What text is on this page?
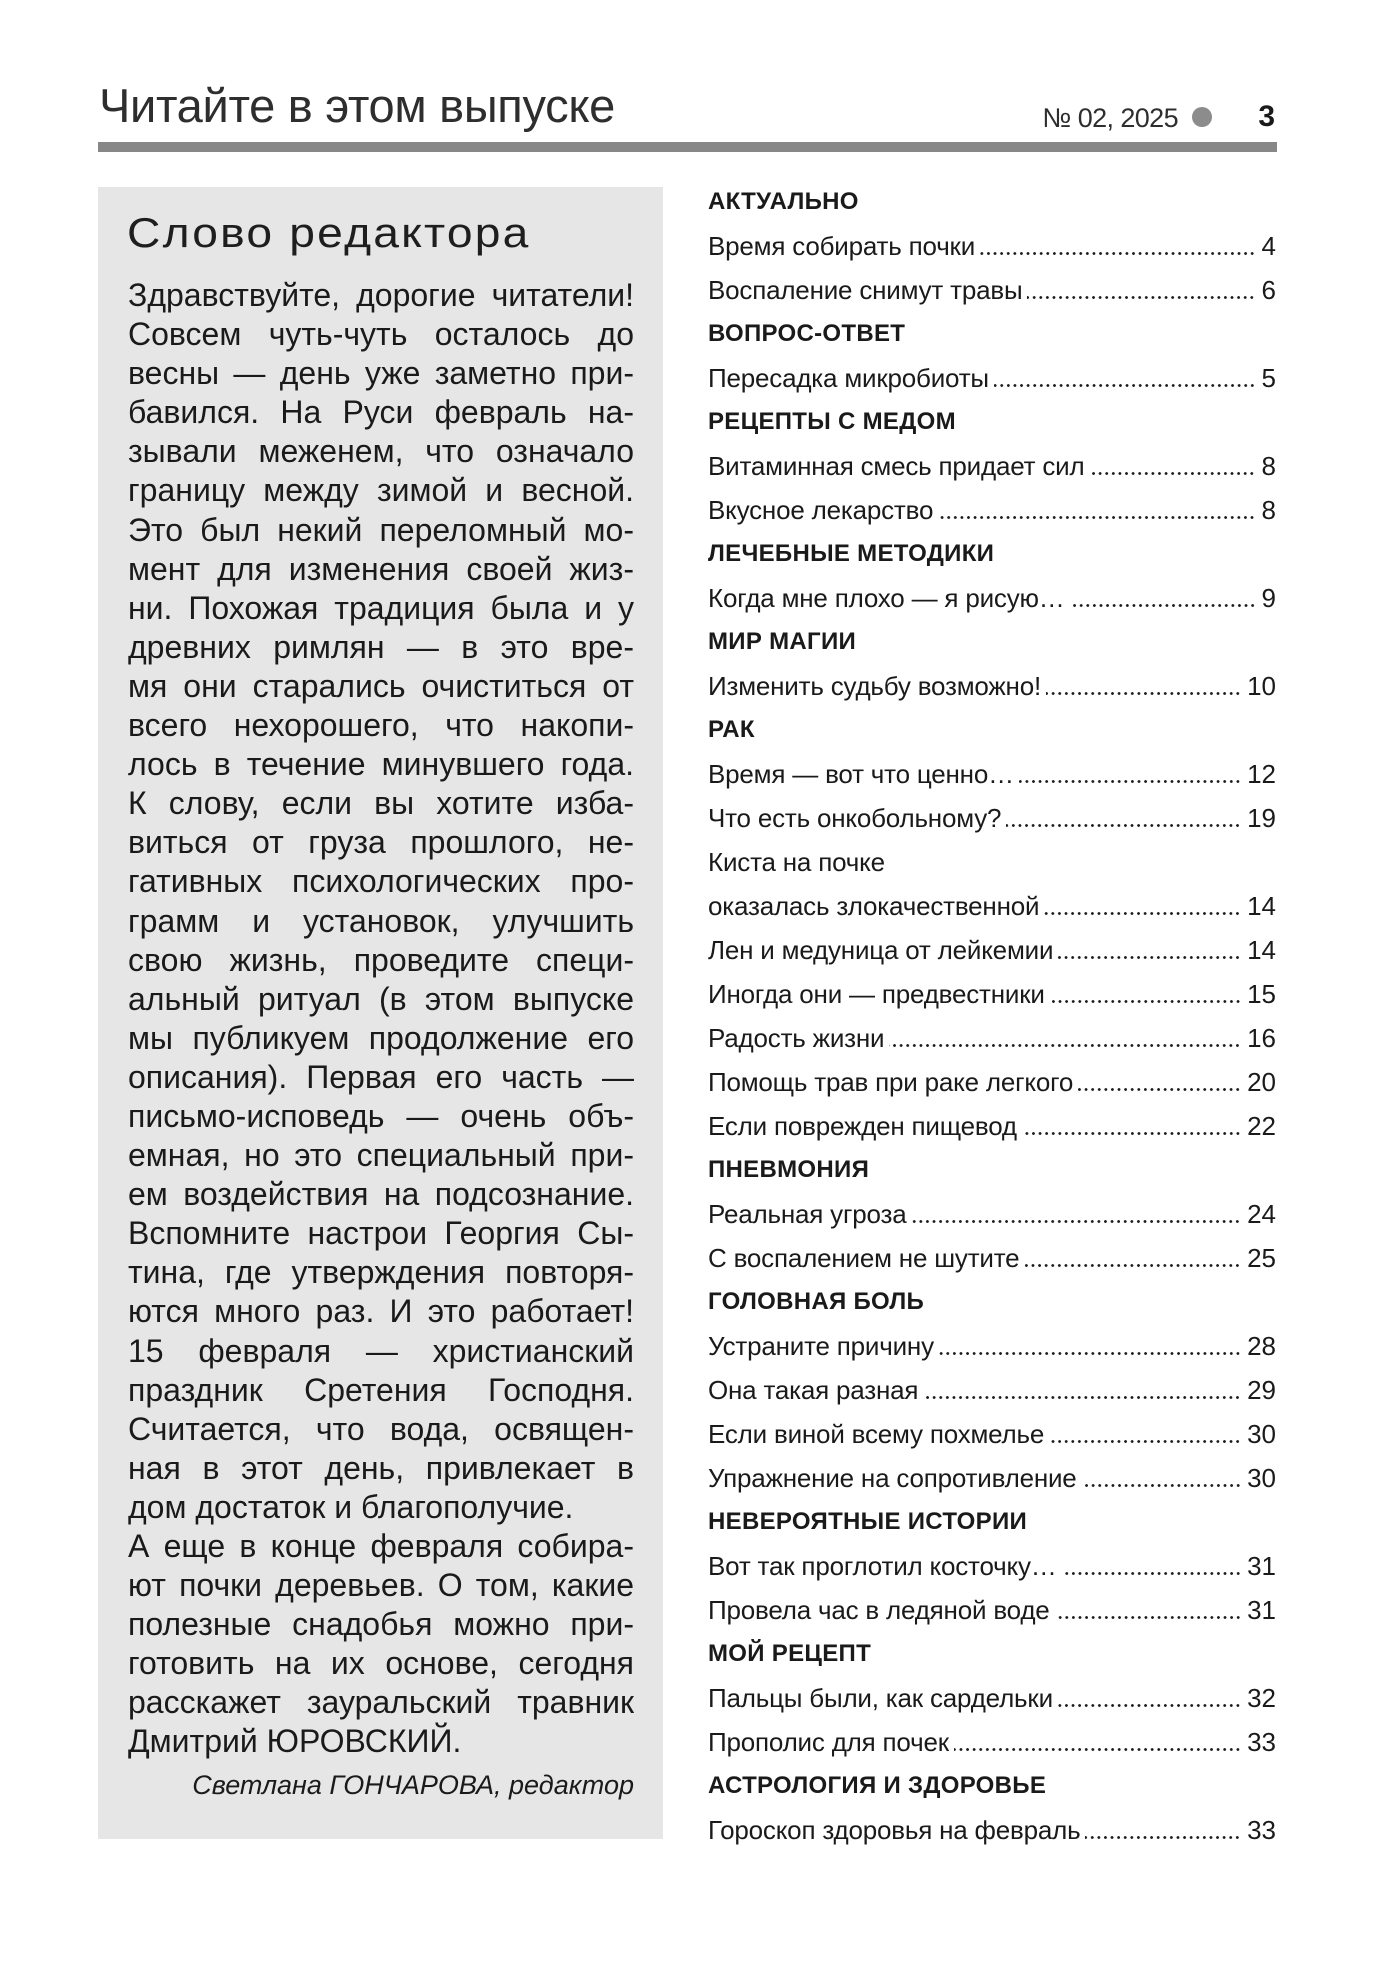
Читайте в этом выпуске	№ 02, 2025	3
Слово редактора
Здравствуйте, дорогие читатели!
Совсем чуть-чуть осталось до
весны — день уже заметно при-
бавился. На Руси февраль на-
зывали меженем, что означало
границу между зимой и весной.
Это был некий переломный мо-
мент для изменения своей жиз-
ни. Похожая традиция была и у
древних римлян — в это вре-
мя они старались очиститься от
всего нехорошего, что накопи-
лось в течение минувшего года.
К слову, если вы хотите изба-
виться от груза прошлого, не-
гативных психологических про-
грамм и установок, улучшить
свою жизнь, проведите специ-
альный ритуал (в этом выпуске
мы публикуем продолжение его
описания). Первая его часть —
письмо-исповедь — очень объ-
емная, но это специальный при-
ем воздействия на подсознание.
Вспомните настрои Георгия Сы-
тина, где утверждения повторя-
ются много раз. И это работает!
15 февраля — христианский
праздник Сретения Господня.
Считается, что вода, освящен-
ная в этот день, привлекает в
дом достаток и благополучие.
А еще в конце февраля собира-
ют почки деревьев. О том, какие
полезные снадобья можно при-
готовить на их основе, сегодня
расскажет зауральский травник
Дмитрий ЮРОВСКИЙ.
Светлана ГОНЧАРОВА, редактор
АКТУАЛЬНО
Время собирать почки	4
Воспаление снимут травы	6
ВОПРОС-ОТВЕТ
Пересадка микробиоты	5
РЕЦЕПТЫ С МЕДОМ
Витаминная смесь придает сил	8
Вкусное лекарство	8
ЛЕЧЕБНЫЕ МЕТОДИКИ
Когда мне плохо — я рисую…	9
МИР МАГИИ
Изменить судьбу возможно!	10
РАК
Время — вот что ценно…	12
Что есть онкобольному?	19
Киста на почке
оказалась злокачественной	14
Лен и медуница от лейкемии	14
Иногда они — предвестники	15
Радость жизни	16
Помощь трав при раке легкого	20
Если поврежден пищевод	22
ПНЕВМОНИЯ
Реальная угроза	24
С воспалением не шутите	25
ГОЛОВНАЯ БОЛЬ
Устраните причину	28
Она такая разная	29
Если виной всему похмелье	30
Упражнение на сопротивление	30
НЕВЕРОЯТНЫЕ ИСТОРИИ
Вот так проглотил косточку…	31
Провела час в ледяной воде	31
МОЙ РЕЦЕПТ
Пальцы были, как сардельки	32
Прополис для почек	33
АСТРОЛОГИЯ И ЗДОРОВЬЕ
Гороскоп здоровья на февраль	33
